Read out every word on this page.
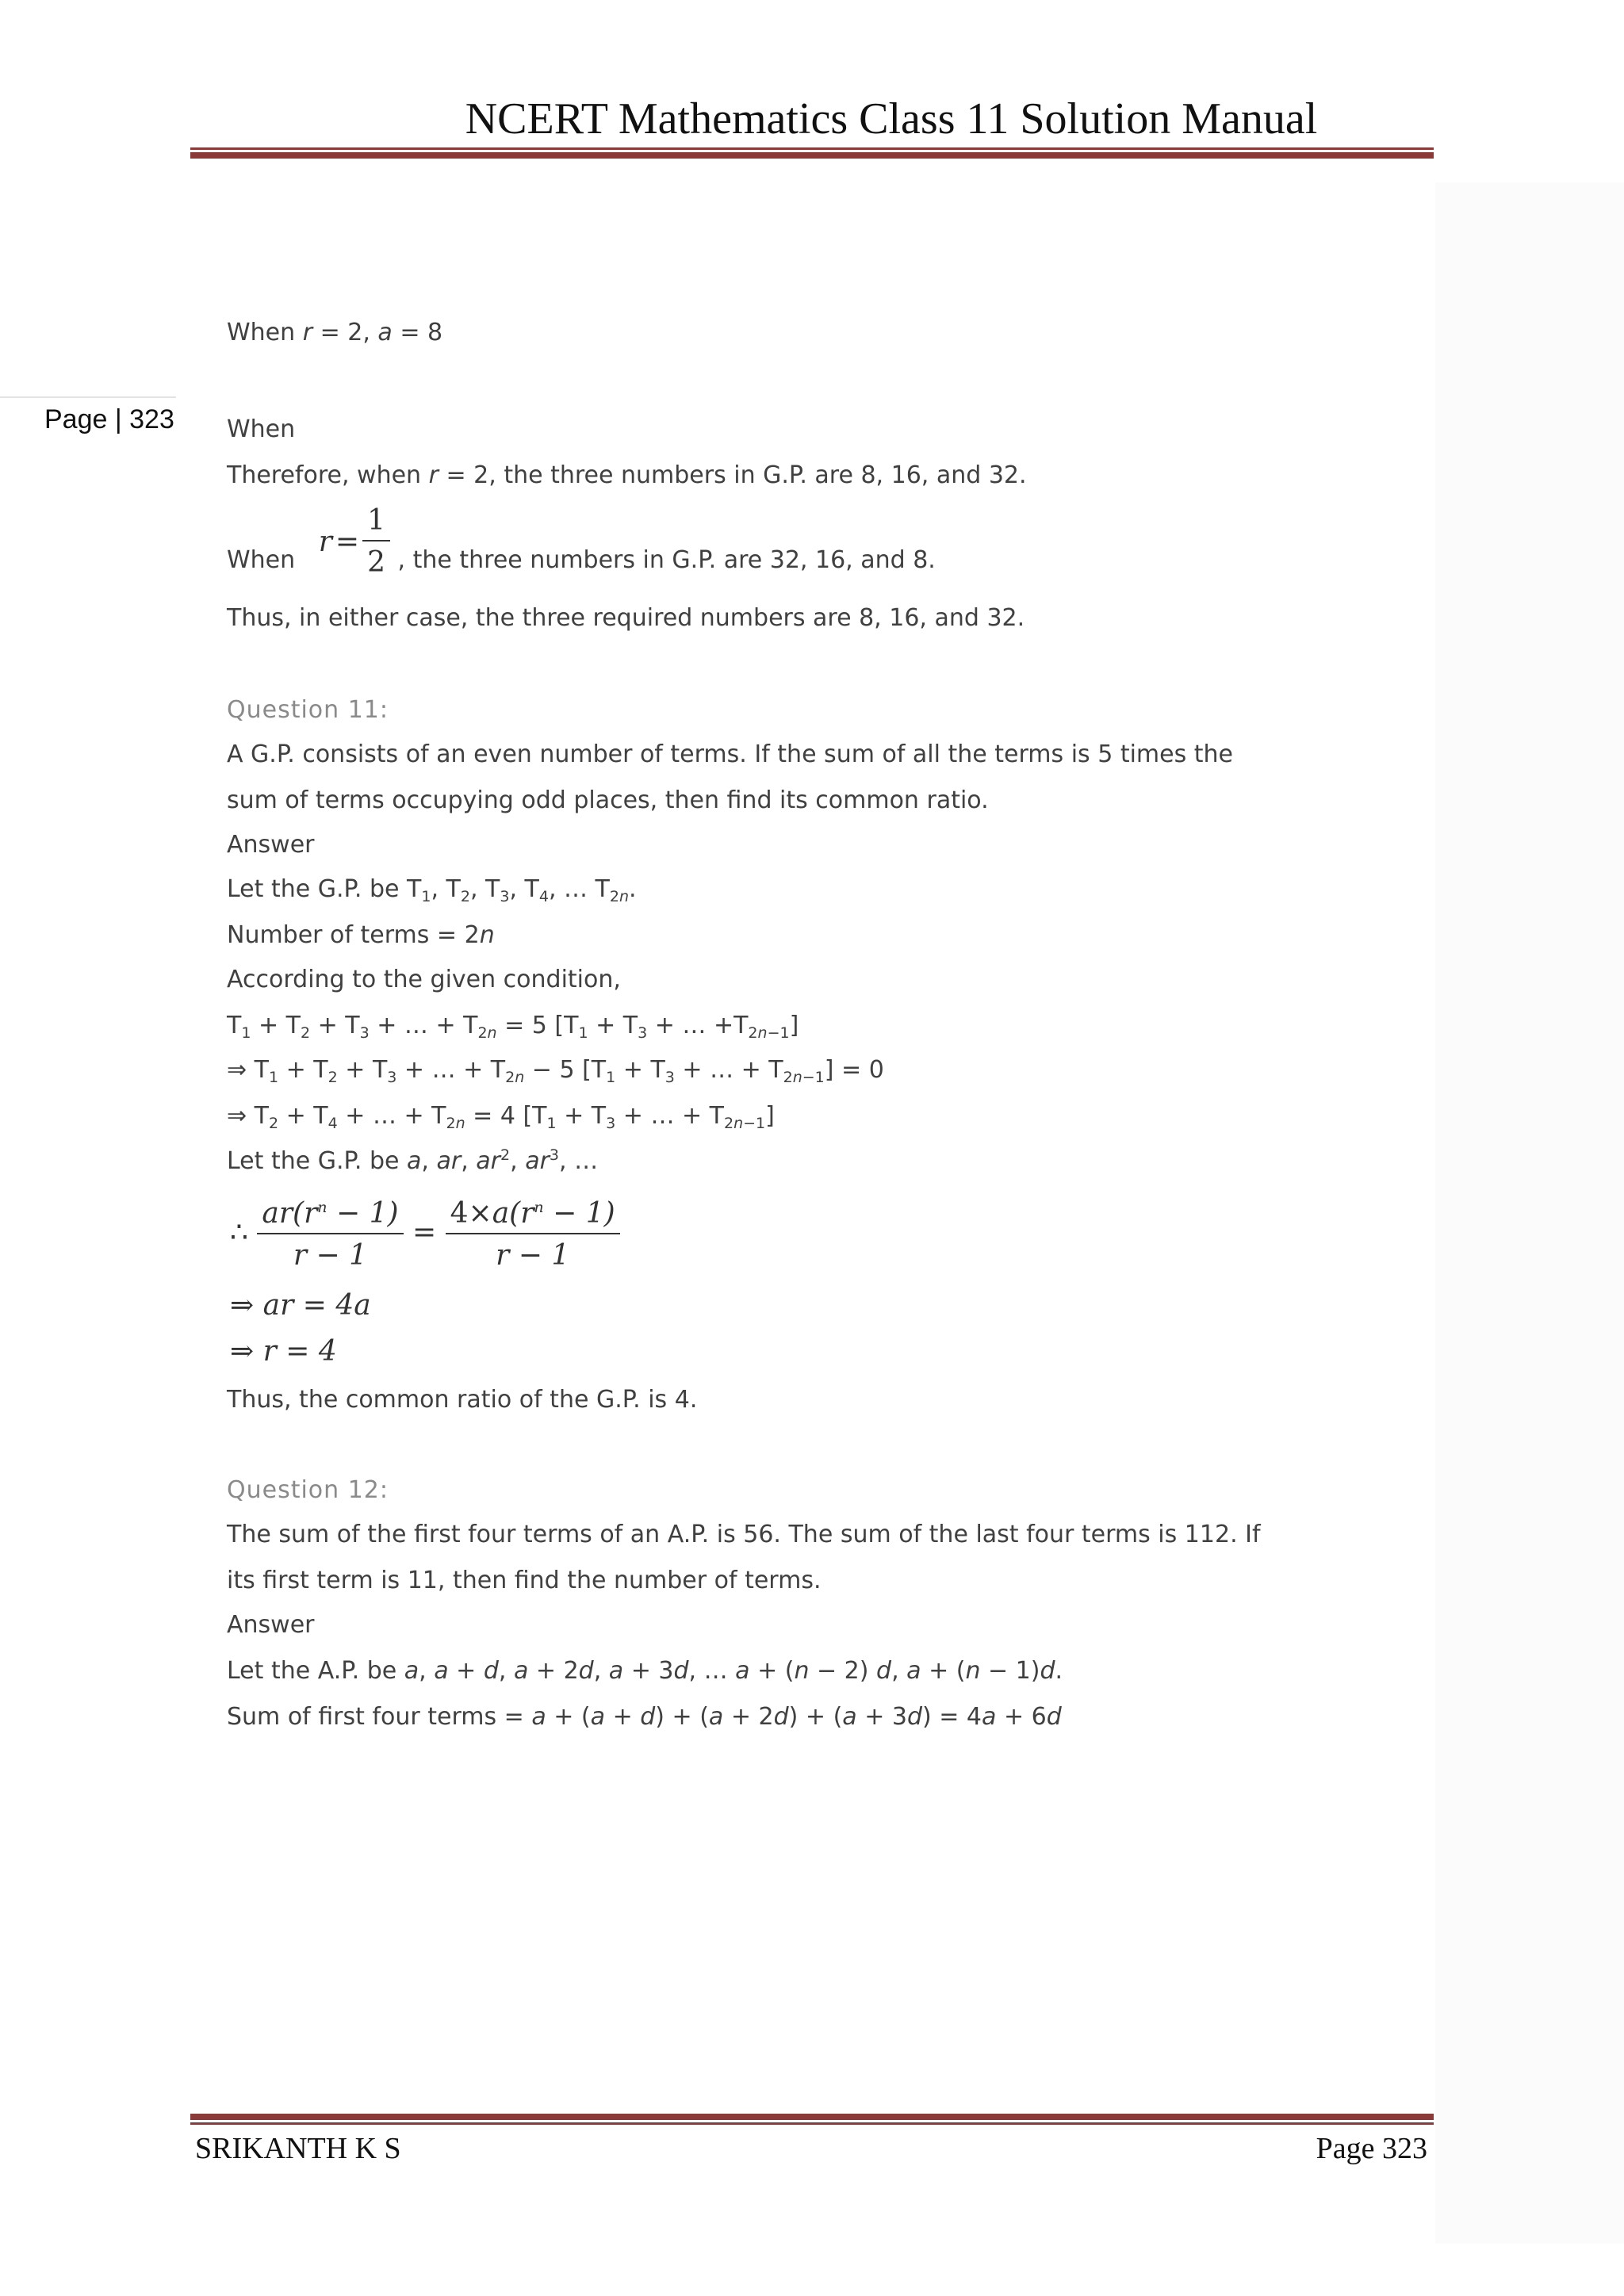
NCERT Mathematics Class 11 Solution Manual
Page | 323
When r = 2, a = 8
When
Therefore, when r = 2, the three numbers in G.P. are 8, 16, and 32.
When
$r = \frac{1}{2}$ , the three numbers in G.P. are 32, 16, and 8.
Thus, in either case, the three required numbers are 8, 16, and 32.
Question 11:
A G.P. consists of an even number of terms. If the sum of all the terms is 5 times the
sum of terms occupying odd places, then find its common ratio.
Answer
Let the G.P. be $T_1$, $T_2$, $T_3$, $T_4$, … $T_{2n}$.
Number of terms = 2n
According to the given condition,
$T_1 + T_2 + T_3$ + … + $T_{2n} = 5$ [$T_1 + T_3$ + … $+T_{2n-1}$]
⇒ $T_1 + T_2 + T_3$ + … + $T_{2n} - 5$ [$T_1 + T_3$ + … + $T_{2n-1}] = 0$
⇒ $T_2 + T_4$ + … + $T_{2n} = 4$ [$T_1 + T_3$ + … + $T_{2n-1}$]
Let the G.P. be a, ar, $ar^2$, $ar^3$, …
∴ $\frac{ar(r^n - 1)}{r - 1} = \frac{4\times a(r^n - 1)}{r - 1}$
⇒ ar = 4a
⇒ r = 4
Thus, the common ratio of the G.P. is 4.
Question 12:
The sum of the first four terms of an A.P. is 56. The sum of the last four terms is 112. If
its first term is 11, then find the number of terms.
Answer
Let the A.P. be a, a + d, a + 2d, a + 3d, … a + (n − 2) d, a + (n − 1)d.
Sum of first four terms = a + (a + d) + (a + 2d) + (a + 3d) = 4a + 6d
SRIKANTH K S	Page 323
